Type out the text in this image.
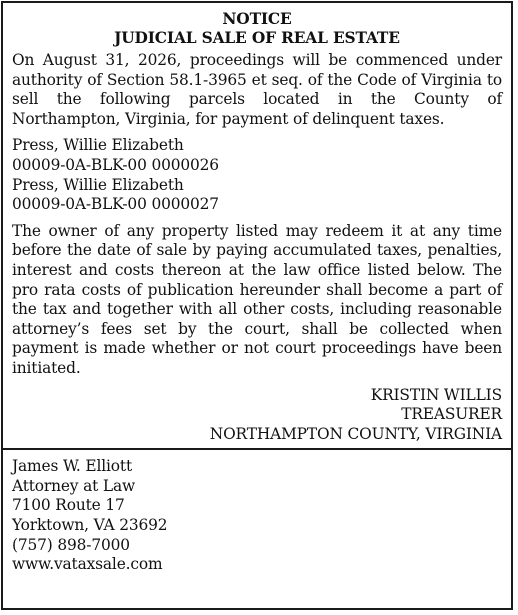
NOTICE
JUDICIAL SALE OF REAL ESTATE
On August 31, 2026, proceedings will be commenced under authority of Section 58.1-3965 et seq. of the Code of Virginia to sell the following parcels located in the County of Northampton, Virginia, for payment of delinquent taxes.
Press, Willie Elizabeth
00009-0A-BLK-00 0000026
Press, Willie Elizabeth
00009-0A-BLK-00 0000027
The owner of any property listed may redeem it at any time before the date of sale by paying accumulated taxes, penalties, interest and costs thereon at the law office listed below. The pro rata costs of publication hereunder shall become a part of the tax and together with all other costs, including reasonable attorney’s fees set by the court, shall be collected when payment is made whether or not court proceedings have been initiated.
KRISTIN WILLIS
TREASURER
NORTHAMPTON COUNTY, VIRGINIA
James W. Elliott
Attorney at Law
7100 Route 17
Yorktown, VA 23692
(757) 898-7000
www.vataxsale.com
